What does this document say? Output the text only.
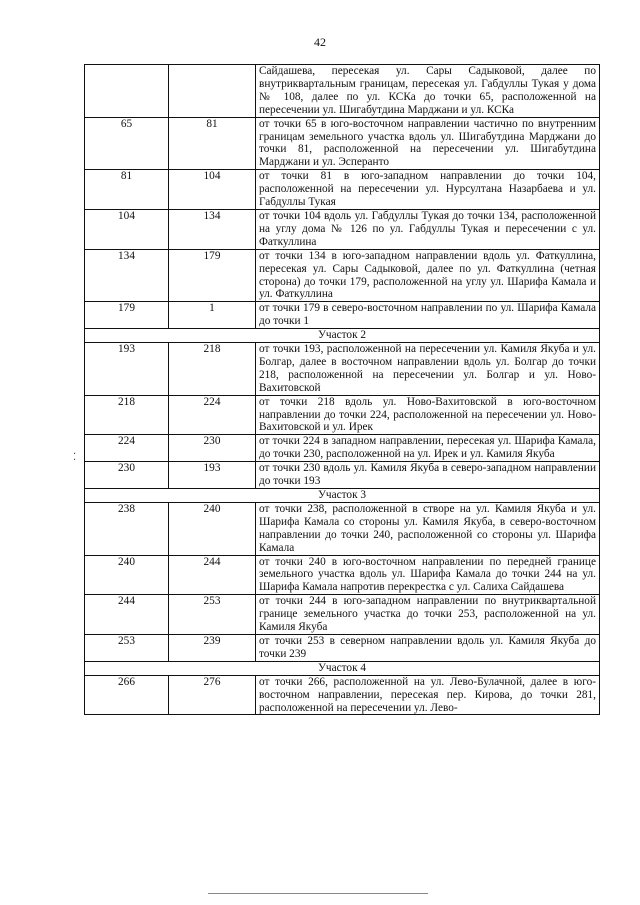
42
⁚
		Сайдашева, пересекая ул. Сары Садыковой, далее по внутриквартальным границам, пересекая ул. Габдуллы Тукая у дома № 108, далее по ул. КСКа до точки 65, расположенной на пересечении ул. Шигабутдина Марджани и ул. КСКа
65	81	от точки 65 в юго-восточном направлении частично по внутренним границам земельного участка вдоль ул. Шигабутдина Марджани до точки 81, расположенной на пересечении ул. Шигабутдина Марджани и ул. Эсперанто
81	104	от точки 81 в юго-западном направлении до точки 104, расположенной на пересечении ул. Нурсултана Назарбаева и ул. Габдуллы Тукая
104	134	от точки 104 вдоль ул. Габдуллы Тукая до точки 134, расположенной на углу дома № 126 по ул. Габдуллы Тукая и пересечении с ул. Фаткуллина
134	179	от точки 134 в юго-западном направлении вдоль ул. Фаткуллина, пересекая ул. Сары Садыковой, далее по ул. Фаткуллина (четная сторона) до точки 179, расположенной на углу ул. Шарифа Камала и ул. Фаткуллина
179	1	от точки 179 в северо-восточном направлении по ул. Шарифа Камала до точки 1
Участок 2		
193	218	от точки 193, расположенной на пересечении ул. Камиля Якуба и ул. Болгар, далее в восточном направлении вдоль ул. Болгар до точки 218, расположенной на пересечении ул. Болгар и ул. Ново-Вахитовской
218	224	от точки 218 вдоль ул. Ново-Вахитовской в юго-восточном направлении до точки 224, расположенной на пересечении ул. Ново-Вахитовской и ул. Ирек
224	230	от точки 224 в западном направлении, пересекая ул. Шарифа Камала, до точки 230, расположенной на ул. Ирек и ул. Камиля Якуба
230	193	от точки 230 вдоль ул. Камиля Якуба в северо-западном направлении до точки 193
Участок 3		
238	240	от точки 238, расположенной в створе на ул. Камиля Якуба и ул. Шарифа Камала со стороны ул. Камиля Якуба, в северо-восточном направлении до точки 240, расположенной со стороны ул. Шарифа Камала
240	244	от точки 240 в юго-восточном направлении по передней границе земельного участка вдоль ул. Шарифа Камала до точки 244 на ул. Шарифа Камала напротив перекрестка с ул. Салиха Сайдашева
244	253	от точки 244 в юго-западном направлении по внутриквартальной границе земельного участка до точки 253, расположенной на ул. Камиля Якуба
253	239	от точки 253 в северном направлении вдоль ул. Камиля Якуба до точки 239
Участок 4		
266	276	от точки 266, расположенной на ул. Лево-Булачной, далее в юго-восточном направлении, пересекая пер. Кирова, до точки 281, расположенной на пересечении ул. Лево-
